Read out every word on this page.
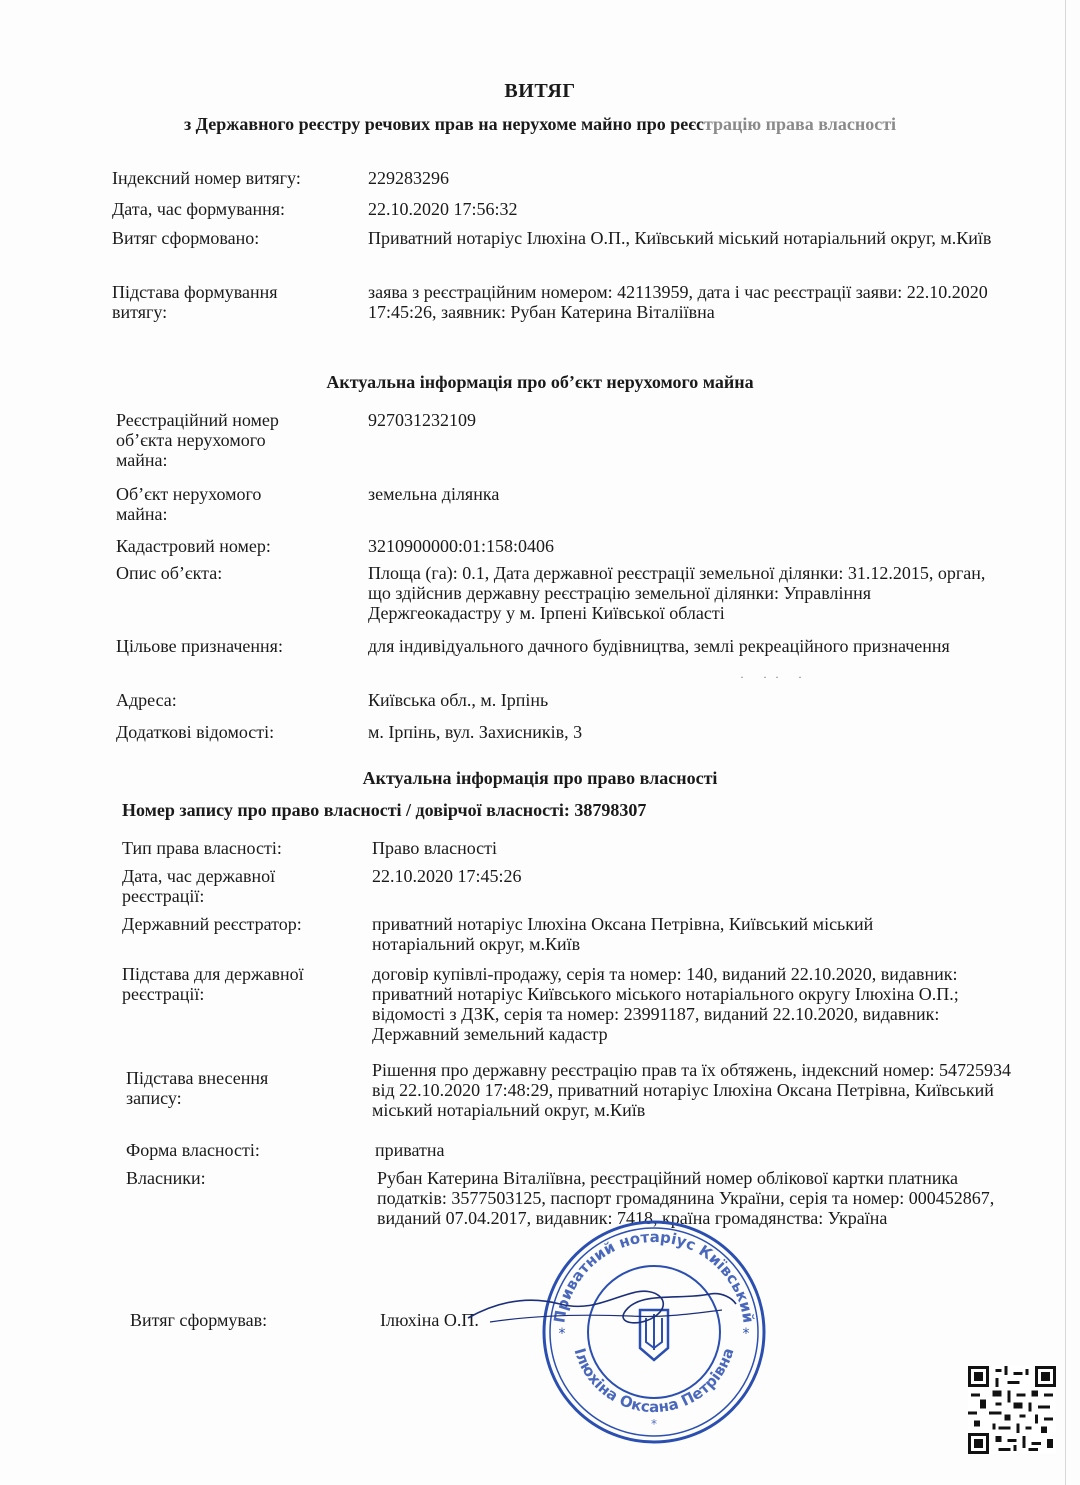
ВИТЯГ
з Державного реєстру речових прав на нерухоме майно про реєстрацію права власності
Індексний номер витягу:	229283296
Дата, час формування:	22.10.2020 17:56:32
Витяг сформовано:	Приватний нотаріус Ілюхіна О.П., Київський міський нотаріальний округ, м.Київ
Підстава формування витягу:
заява з реєстраційним номером: 42113959, дата і час реєстрації заяви: 22.10.2020 17:45:26, заявник: Рубан Катерина Віталіївна
Актуальна інформація про об’єкт нерухомого майна
Реєстраційний номер об’єкта нерухомого майна:
927031232109
Об’єкт нерухомого майна:
земельна ділянка
Кадастровий номер:	3210900000:01:158:0406
Опис об’єкта:	Площа (га): 0.1, Дата державної реєстрації земельної ділянки: 31.12.2015, орган, що здійснив державну реєстрацію земельної ділянки: Управління Держгеокадастру у м. Ірпені Київської області
Цільове призначення:	для індивідуального дачного будівництва, землі рекреаційного призначення
Адреса:	Київська обл., м. Ірпінь
Додаткові відомості:	м. Ірпінь, вул. Захисників, 3
· ·· ·
Актуальна інформація про право власності
Номер запису про право власності / довірчої власності: 38798307
Тип права власності:	Право власності
Дата, час державної реєстрації:
22.10.2020 17:45:26
Державний реєстратор:	приватний нотаріус Ілюхіна Оксана Петрівна, Київський міський нотаріальний округ, м.Київ
Підстава для державної реєстрації:
договір купівлі-продажу, серія та номер: 140, виданий 22.10.2020, видавник: приватний нотаріус Київського міського нотаріального округу Ілюхіна О.П.; відомості з ДЗК, серія та номер: 23991187, виданий 22.10.2020, видавник: Державний земельний кадастр
Підстава внесення запису:
Рішення про державну реєстрацію прав та їх обтяжень, індексний номер: 54725934 від 22.10.2020 17:48:29, приватний нотаріус Ілюхіна Оксана Петрівна, Київський міський нотаріальний округ, м.Київ
Форма власності:	приватна
Власники:	Рубан Катерина Віталіївна, реєстраційний номер облікової картки платника податків: 3577503125, паспорт громадянина України, серія та номер: 000452867, виданий 07.04.2017, видавник: 7418, країна громадянства: Україна
Витяг сформував:	Ілюхіна О.П.	Приватний нотаріус Київський
Ілюхіна Оксана Петрівна
*
*	*
